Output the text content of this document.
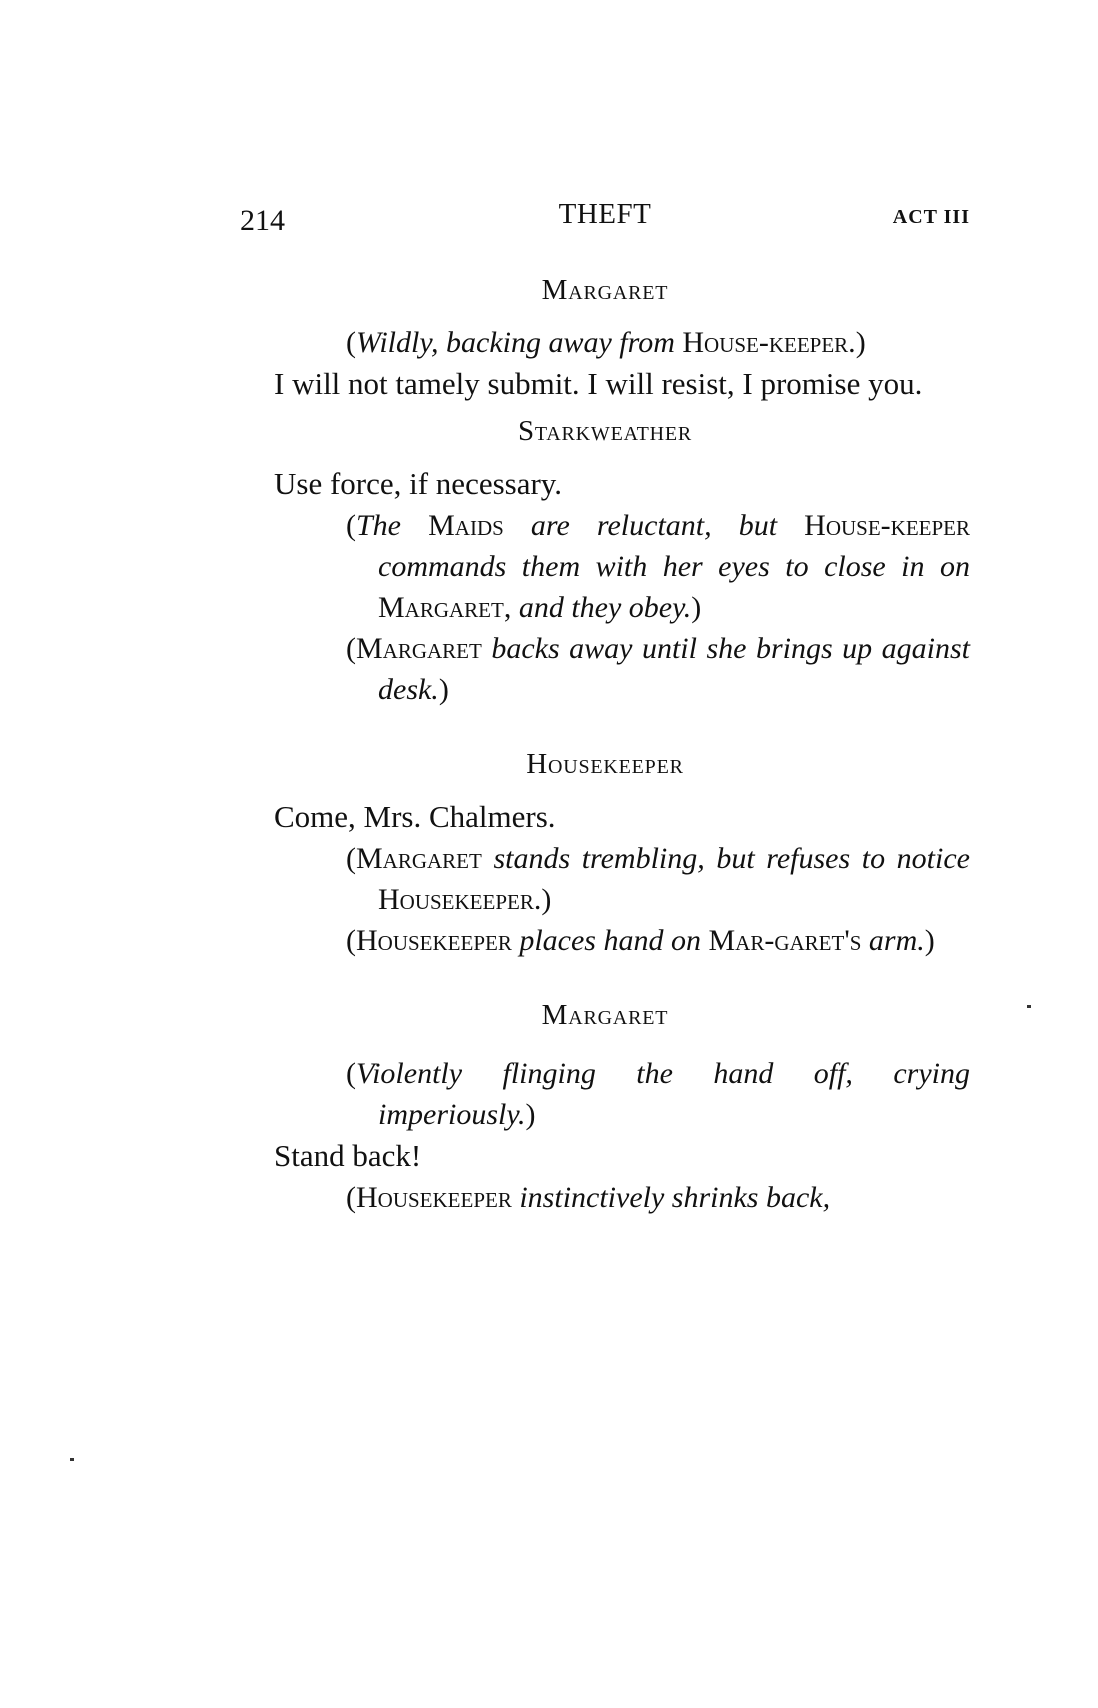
214	THEFT	ACT III
Margaret
(Wildly, backing away from House-keeper.)
I will not tamely submit. I will resist, I promise you.
Starkweather
Use force, if necessary.
(The Maids are reluctant, but House-keeper commands them with her eyes to close in on Margaret, and they obey.)
(Margaret backs away until she brings up against desk.)
Housekeeper
Come, Mrs. Chalmers.
(Margaret stands trembling, but refuses to notice Housekeeper.)
(Housekeeper places hand on Mar-garet's arm.)
Margaret
(Violently flinging the hand off, crying imperiously.)
Stand back!
(Housekeeper instinctively shrinks back,
